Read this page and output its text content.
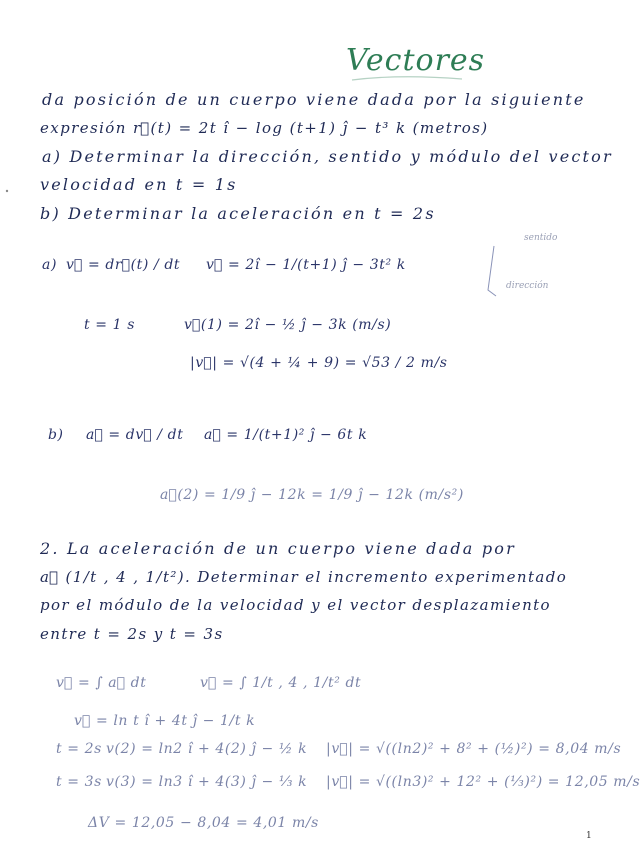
Vectores
da posición de un cuerpo viene dada por la siguiente
expresión r⃗(t) = 2t î − log (t+1) ĵ − t³ k (metros)
a) Determinar la dirección, sentido y módulo del vector
velocidad en t = 1s
b) Determinar la aceleración en t = 2s
sentido
dirección
a) v⃗ = dr⃗(t) / dt v⃗ = 2î − 1/(t+1) ĵ − 3t² k
t = 1 s	v⃗(1) = 2î − ½ ĵ − 3k (m/s)
|v⃗| = √(4 + ¼ + 9) = √53 / 2 m/s
b) a⃗ = dv⃗ / dt a⃗ = 1/(t+1)² ĵ − 6t k
a⃗(2) = 1/9 ĵ − 12k = 1/9 ĵ − 12k (m/s²)
2. La aceleración de un cuerpo viene dada por
a⃗ (1/t , 4 , 1/t²). Determinar el incremento experimentado
por el módulo de la velocidad y el vector desplazamiento
entre t = 2s y t = 3s
v⃗ = ∫ a⃗ dt	v⃗ = ∫ 1/t , 4 , 1/t² dt
v⃗ = ln t î + 4t ĵ − 1/t k
t = 2s v(2) = ln2 î + 4(2) ĵ − ½ k |v⃗| = √((ln2)² + 8² + (½)²) = 8,04 m/s
t = 3s v(3) = ln3 î + 4(3) ĵ − ⅓ k |v⃗| = √((ln3)² + 12² + (⅓)²) = 12,05 m/s
ΔV = 12,05 − 8,04 = 4,01 m/s
1
